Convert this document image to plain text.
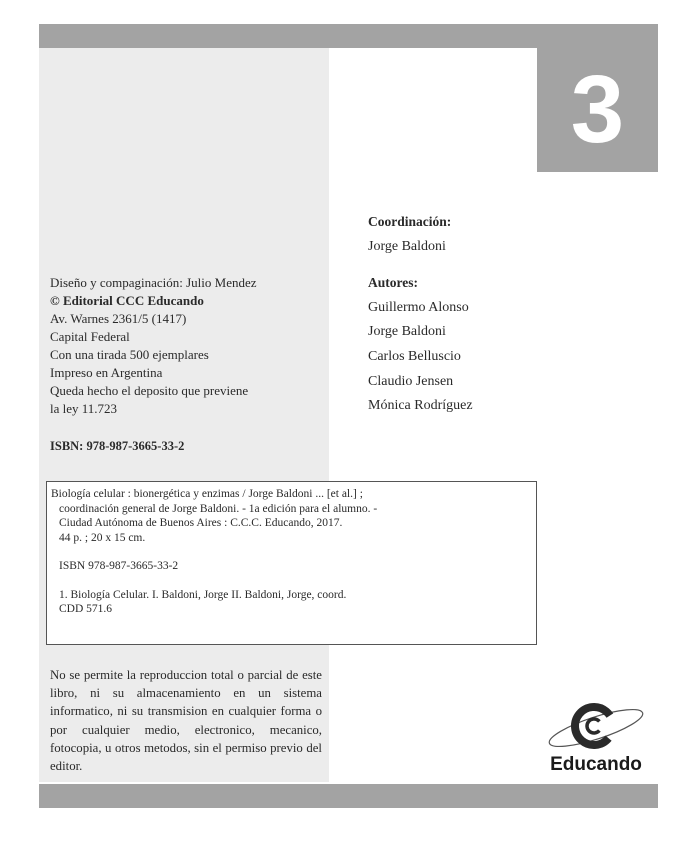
3
Coordinación:
Jorge Baldoni
Autores:
Guillermo Alonso
Jorge Baldoni
Carlos Belluscio
Claudio Jensen
Mónica Rodríguez
Diseño y compaginación: Julio Mendez
© Editorial CCC Educando
Av. Warnes 2361/5 (1417)
Capital Federal
Con una tirada 500 ejemplares
Impreso en Argentina
Queda hecho el deposito que previene
la ley 11.723
ISBN: 978-987-3665-33-2
Biología celular : bionergética y enzimas / Jorge Baldoni ... [et al.] ;
coordinación general de Jorge Baldoni. - 1a edición para el alumno. -
Ciudad Autónoma de Buenos Aires : C.C.C. Educando, 2017.
44 p. ; 20 x 15 cm.
ISBN 978-987-3665-33-2
1. Biología Celular. I. Baldoni, Jorge II. Baldoni, Jorge, coord.
CDD 571.6
No se permite la reproduccion total o parcial de este libro, ni su almacenamiento en un sistema informatico, ni su transmision en cualquier forma o por cualquier medio, electronico, mecanico, fotocopia, u otros metodos, sin el permiso previo del editor.	Educando
